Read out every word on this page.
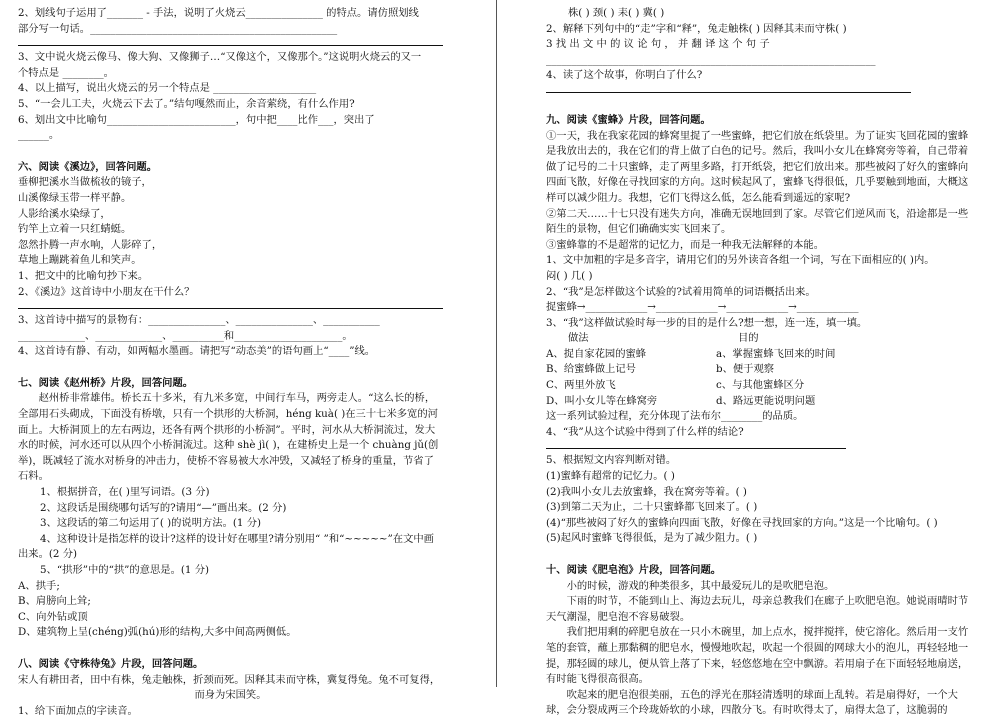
2、划线句子运用了_______ - 手法，说明了火烧云_______________ 的特点。请仿照划线
部分写一句话。________________________________________________
3、文中说火烧云像马、像大狗、又像狮子…“又像这个，又像那个。”这说明火烧云的又一
个特点是 ________。
4、以上描写，说出火烧云的另一个特点是 ____________________
5、“一会儿工夫，火烧云下去了。”结句嘎然而止，余音萦绕，有什么作用?
6、划出文中比喻句_________________________，句中把____比作___，突出了
______。
六、阅读《溪边》，回答问题。
垂柳把溪水当做梳妆的镜子，
山溪像绿玉带一样平静。
人影给溪水染绿了，
钓竿上立着一只红蜻蜓。
忽然扑腾一声水响，人影碎了，
草地上蹦跳着鱼儿和笑声。
1、把文中的比喻句抄下来。
2、《溪边》这首诗中小朋友在干什么？
3、这首诗中描写的景物有：_______________、_______________、___________
_____________、_____________、__________和_____________________。
4、这首诗有静、有动，如两幅水墨画。请把写“动态美”的语句画上“____”线。
七、阅读《赵州桥》片段，回答问题。
赵州桥非常雄伟。桥长五十多米，有九米多宽，中间行车马，两旁走人。“这么长的桥，全部用石头砌成，下面没有桥墩，只有一个拱形的大桥洞，héng kuà( )在三十七米多宽的河面上。大桥洞顶上的左右两边，还各有两个拱形的小桥洞”。平时，河水从大桥洞流过，发大水的时候，河水还可以从四个小桥洞流过。这种 shè jì( )，在建桥史上是一个 chuàng jǔ(创举)，既减轻了流水对桥身的冲击力，使桥不容易被大水冲毁，又减轻了桥身的重量，节省了石料。
1、根据拼音，在( )里写词语。(3 分)
2、这段话是围绕哪句话写的?请用“—”画出来。(2 分)
3、这段话的第二句运用了( )的说明方法。(1 分)
4、这种设计是指怎样的设计?这样的设计好在哪里?请分别用“ ”和“~~~~~”在文中画出来。(2 分)
5、“拱形”中的“拱”的意思是。(1 分)
A、拱手;
B、肩膀向上耸;
C、向外钻或顶
D、建筑物上呈(chéng)弧(hú)形的结构,大多中间高两侧低。
八、阅读《守株待兔》片段，回答问题。
宋人有耕田者，田中有株，兔走触株，折颈而死。因释其耒而守株，冀复得兔。兔不可复得，
而身为宋国笑。
1、给下面加点的字读音。
株( ) 颈( ) 耒( ) 冀( )
2、解释下列句中的“走”字和“释”，兔走触株( ) 因释其耒而守株( )
3 找 出 文 中 的 议 论 句 ， 并 翻 译 这 个 句 子
________________________________________________________________
4、读了这个故事，你明白了什么?
九、阅读《蜜蜂》片段，回答问题。
①一天，我在我家花园的蜂窝里捉了一些蜜蜂，把它们放在纸袋里。为了证实飞回花园的蜜蜂是我放出去的，我在它们的背上做了白色的记号。然后，我叫小女儿在蜂窝旁等着，自己带着做了记号的二十只蜜蜂，走了两里多路，打开纸袋，把它们放出来。那些被闷了好久的蜜蜂向四面飞散，好像在寻找回家的方向。这时候起风了，蜜蜂飞得很低，几乎要触到地面，大概这样可以减少阻力。我想，它们飞得这么低，怎么能看到遥远的家呢?
②第二天……十七只没有迷失方向，准确无误地回到了家。尽管它们逆风而飞，沿途都是一些陌生的景物，但它们确确实实飞回来了。
③蜜蜂靠的不是超常的记忆力，而是一种我无法解释的本能。
1、文中加粗的字是多音字，请用它们的另外读音各组一个词，写在下面相应的( )内。
闷( ) 几( )
2、“我”是怎样做这个试验的?试着用简单的词语概括出来。
捉蜜蜂→____________→____________→____________→____________
3、“我”这样做试验时每一步的目的是什么?想一想，连一连，填一填。
做法	目的
A、捉自家花园的蜜蜂	a、掌握蜜蜂飞回来的时间
B、给蜜蜂做上记号	b、便于观察
C、两里外放飞	c、与其他蜜蜂区分
D、叫小女儿等在蜂窝旁	d、路远更能说明问题
这一系列试验过程，充分体现了法布尔________的品质。
4、“我”从这个试验中得到了什么样的结论?
5、根据短文内容判断对错。
(1)蜜蜂有超常的记忆力。( )
(2)我叫小女儿去放蜜蜂，我在窝旁等着。( )
(3)到第二天为止，二十只蜜蜂都飞回来了。( )
(4)“那些被闷了好久的蜜蜂向四面飞散，好像在寻找回家的方向。”这是一个比喻句。( )
(5)起风时蜜蜂飞得很低，是为了减少阻力。( )
十、阅读《肥皂泡》片段，回答问题。
小的时候，游戏的种类很多，其中最爱玩儿的是吹肥皂泡。
下雨的时节，不能到山上、海边去玩儿，母亲总教我们在廊子上吹肥皂泡。她说雨晴时节天气潮湿，肥皂泡不容易破裂。
我们把用剩的碎肥皂放在一只小木碗里，加上点水，搅拌搅拌，使它溶化。然后用一支竹笔的套管，蘸上那黏稠的肥皂水，慢慢地吹起，吹起一个很圆的网球大小的泡儿，再轻轻地一提，那轻圆的球儿，便从管上落了下来，轻悠悠地在空中飘游。若用扇子在下面轻轻地扇送，有时能飞得很高很高。
吹起来的肥皂泡很美丽，五色的浮光在那轻清透明的球面上乱转。若是扇得好，一个大球，会分裂成两三个玲珑娇软的小球，四散分飞。有时吹得太了，扇得太急了，这脆弱的
